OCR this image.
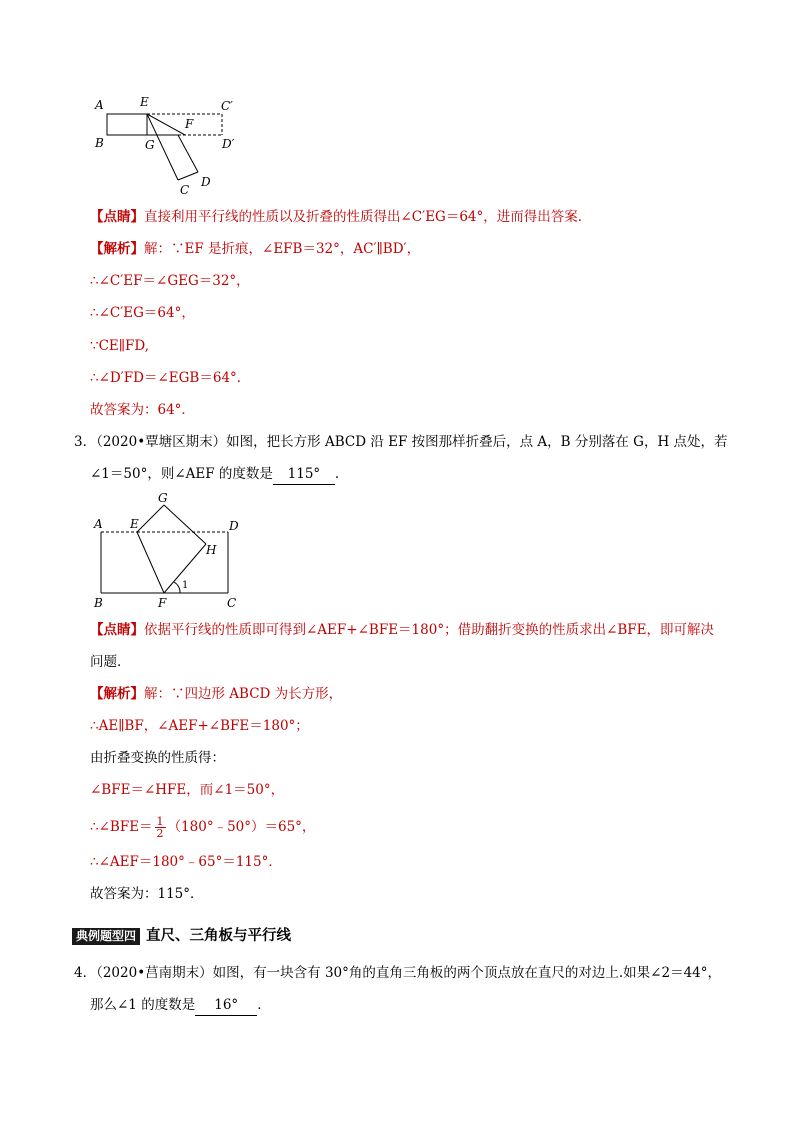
A	E	C′
F
B	G	D′
C
D
【点睛】直接利用平行线的性质以及折叠的性质得出∠C′EG＝64°，进而得出答案.
【解析】解：∵EF 是折痕，∠EFB＝32°，AC′∥BD′，
∴∠C′EF＝∠GEG＝32°，
∴∠C′EG＝64°，
∵CE∥FD,
∴∠D′FD＝∠EGB＝64°．
故答案为：64°．
3．（2020•覃塘区期末）如图，把长方形 ABCD 沿 EF 按图那样折叠后，点 A，B 分别落在 G，H 点处，若
∠1＝50°，则∠AEF 的度数是 115° ．
G
A E	D
H
1
B	F	C
【点睛】依据平行线的性质即可得到∠AEF+∠BFE＝180°；借助翻折变换的性质求出∠BFE，即可解决
问题．
【解析】解：∵四边形 ABCD 为长方形，
∴AE∥BF，∠AEF+∠BFE＝180°；
由折叠变换的性质得：
∠BFE＝∠HFE，而∠1＝50°，
∴∠BFE＝ $\frac{1}{2}$ （180°﹣50°）＝65°，
∴∠AEF＝180°﹣65°＝115°．
故答案为：115°．
典例题型四 直尺、三角板与平行线
4．（2020•莒南期末）如图，有一块含有 30°角的直角三角板的两个顶点放在直尺的对边上.如果∠2＝44°，
那么∠1 的度数是 16° ．
